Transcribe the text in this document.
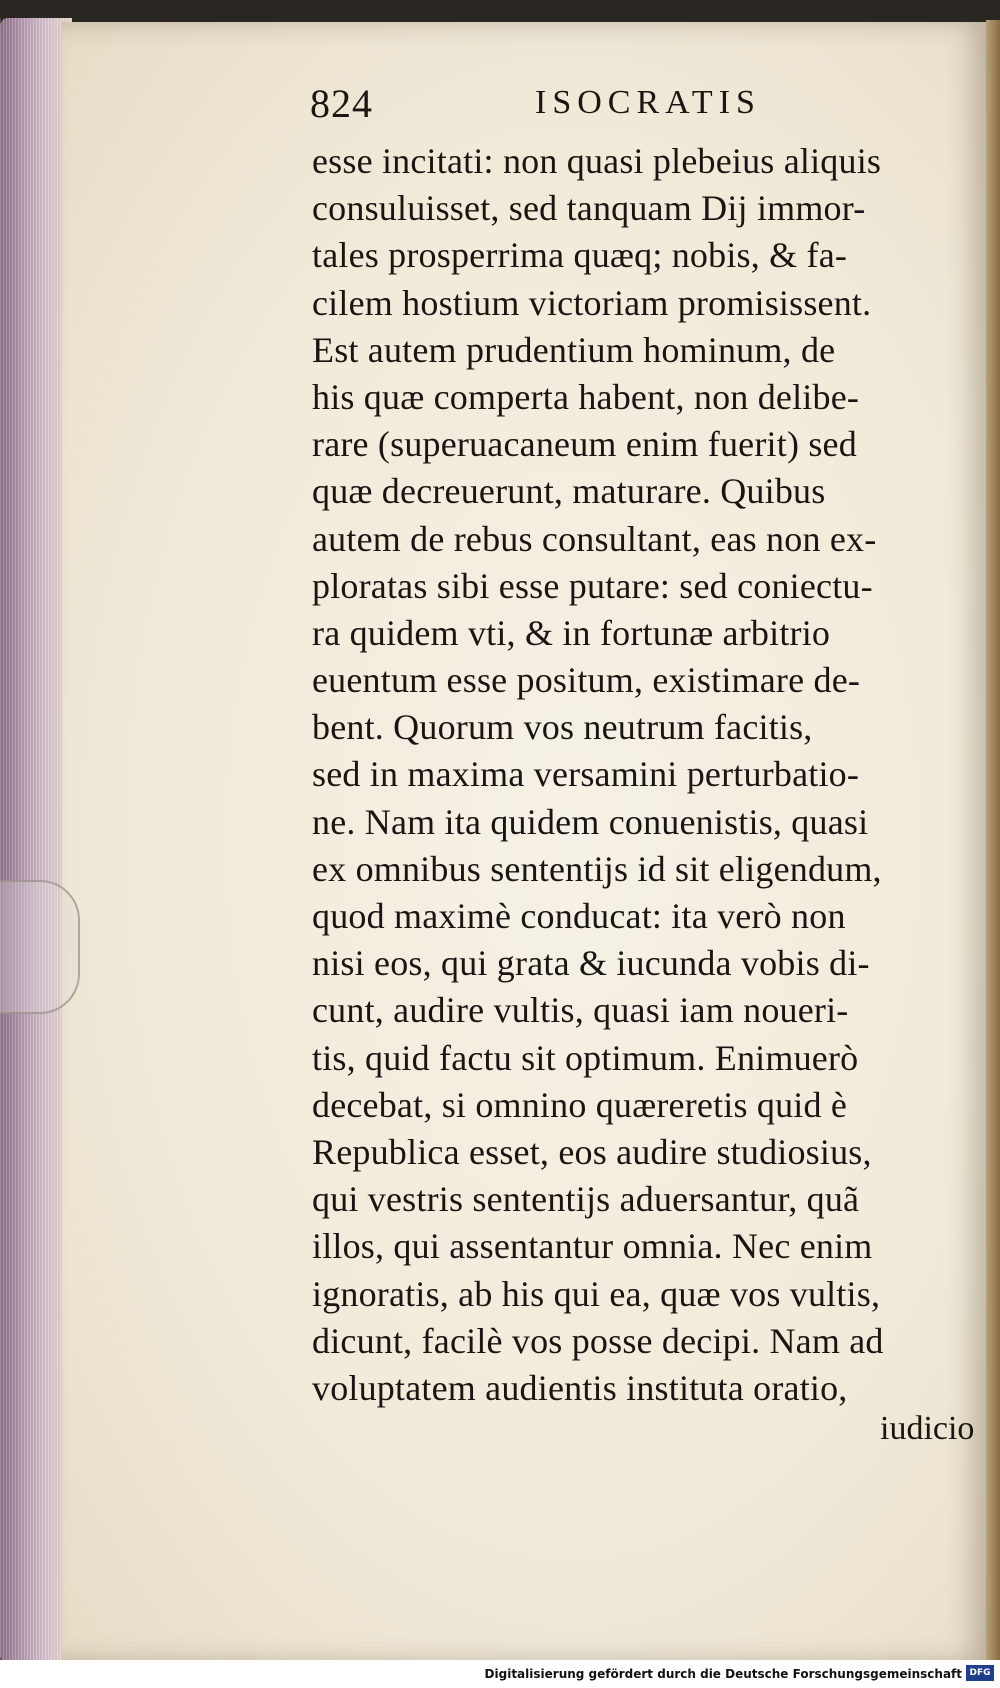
824	ISOCRATIS
esse incitati: non quasi plebeius aliquis
consuluisset, sed tanquam Dij immor-
tales prosperrima quæq; nobis, & fa-
cilem hostium victoriam promisissent.
Est autem prudentium hominum, de
his quæ comperta habent, non delibe-
rare (superuacaneum enim fuerit) sed
quæ decreuerunt, maturare. Quibus
autem de rebus consultant, eas non ex-
ploratas sibi esse putare: sed coniectu-
ra quidem vti, & in fortunæ arbitrio
euentum esse positum, existimare de-
bent. Quorum vos neutrum facitis,
sed in maxima versamini perturbatio-
ne. Nam ita quidem conuenistis, quasi
ex omnibus sententijs id sit eligendum,
quod maximè conducat: ita verò non
nisi eos, qui grata & iucunda vobis di-
cunt, audire vultis, quasi iam noueri-
tis, quid factu sit optimum. Enimuerò
decebat, si omnino quæreretis quid è
Republica esset, eos audire studiosius,
qui vestris sententijs aduersantur, quã
illos, qui assentantur omnia. Nec enim
ignoratis, ab his qui ea, quæ vos vultis,
dicunt, facilè vos posse decipi. Nam ad
voluptatem audientis instituta oratio,
iudicio
Digitalisierung gefördert durch die Deutsche Forschungsgemeinschaft DFG
